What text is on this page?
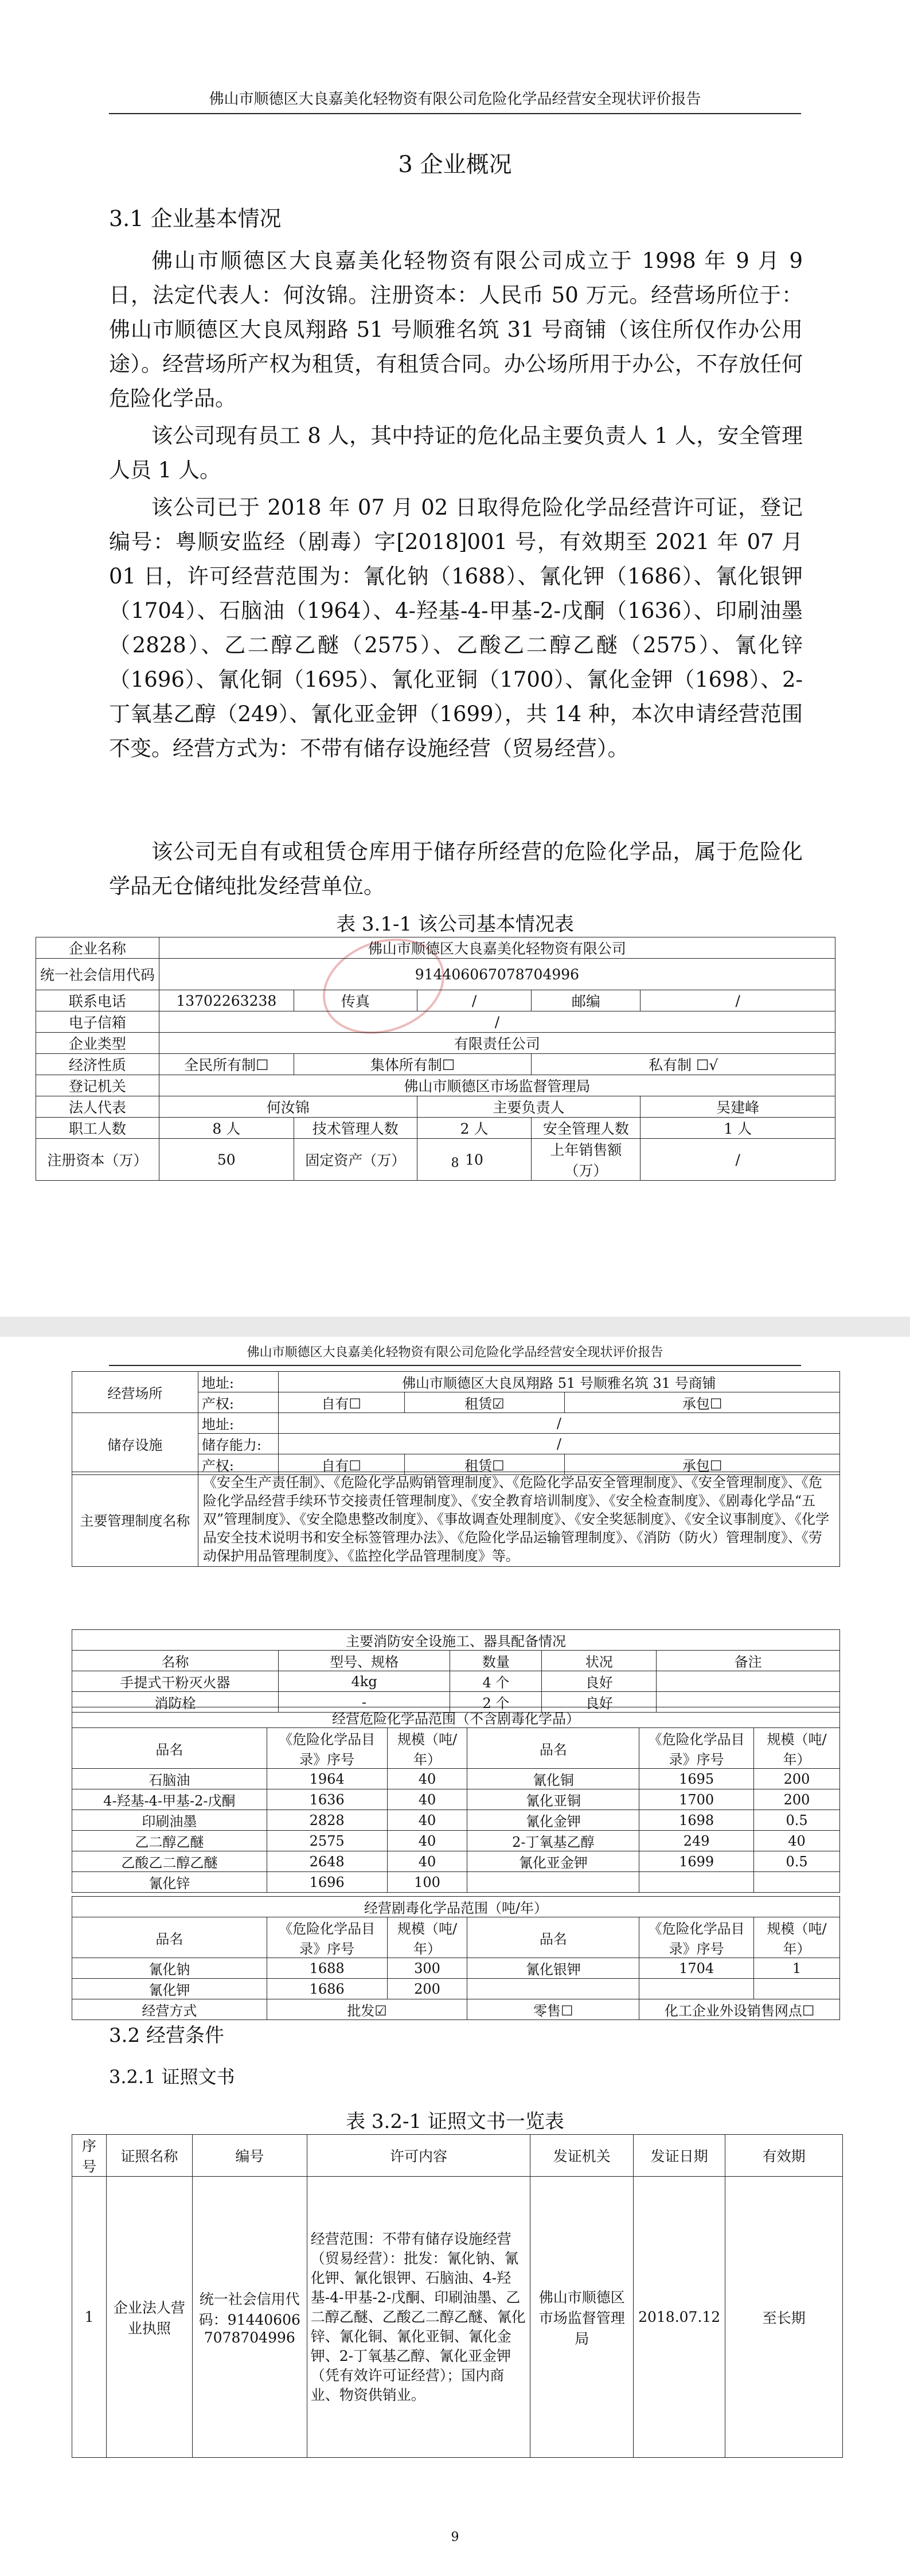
佛山市顺德区大良嘉美化轻物资有限公司危险化学品经营安全现状评价报告
3 企业概况
3.1 企业基本情况

佛山市顺德区大良嘉美化轻物资有限公司成立于 1998 年 9 月 9 日，法定代表人：何汝锦。注册资本：人民币 50 万元。经营场所位于：佛山市顺德区大良凤翔路 51 号顺雅名筑 31 号商铺（该住所仅作办公用途）。经营场所产权为租赁，有租赁合同。办公场所用于办公，不存放任何危险化学品。

该公司现有员工 8 人，其中持证的危化品主要负责人 1 人，安全管理人员 1 人。

该公司已于 2018 年 07 月 02 日取得危险化学品经营许可证，登记编号：粤顺安监经（剧毒）字[2018]001 号，有效期至 2021 年 07 月 01 日，许可经营范围为：氰化钠（1688）、氰化钾（1686）、氰化银钾（1704）、石脑油（1964）、4-羟基-4-甲基-2-戊酮（1636）、印刷油墨（2828）、乙二醇乙醚（2575）、乙酸乙二醇乙醚（2575）、氰化锌（1696）、氰化铜（1695）、氰化亚铜（1700）、氰化金钾（1698）、2-丁氧基乙醇（249）、氰化亚金钾（1699），共 14 种，本次申请经营范围不变。经营方式为：不带有储存设施经营（贸易经营）。

该公司无自有或租赁仓库用于储存所经营的危险化学品，属于危险化学品无仓储纯批发经营单位。

表 3.1-1 该公司基本情况表
企业名称	佛山市顺德区大良嘉美化轻物资有限公司				
统一社会信用代码	914406067078704996				
联系电话	13702263238	传真	/	邮编	/
电子信箱	/				
企业类型	有限责任公司				
经济性质	全民所有制☐	集体所有制☐		私有制 ☐√	
登记机关	佛山市顺德区市场监督管理局				
法人代表	何汝锦		主要负责人		吴建峰
职工人数	8 人	技术管理人数	2 人	安全管理人数	1 人
注册资本（万）	50	固定资产（万）	10	上年销售额（万）	/
8
佛山市顺德区大良嘉美化轻物资有限公司危险化学品经营安全现状评价报告
经营场所	地址:	佛山市顺德区大良凤翔路 51 号顺雅名筑 31 号商铺		
	产权:	自有☐	租赁☑	承包☐
储存设施	地址:	/		
	储存能力:	/		
	产权:	自有☐	租赁☐	承包☐
主要管理制度名称	《安全生产责任制》、《危险化学品购销管理制度》、《危险化学品安全管理制度》、《安全管理制度》、《危险化学品经营手续环节交接责任管理制度》、《安全教育培训制度》、《安全检查制度》、《剧毒化学品“五双”管理制度》、《安全隐患整改制度》、《事故调查处理制度》、《安全奖惩制度》、《安全议事制度》、《化学品安全技术说明书和安全标签管理办法》、《危险化学品运输管理制度》、《消防（防火）管理制度》、《劳动保护用品管理制度》、《监控化学品管理制度》等。
主要消防安全设施工、器具配备情况				
名称	型号、规格	数量	状况	备注
手提式干粉灭火器	4kg	4 个	良好	
消防栓	-	2 个	良好	
经营危险化学品范围（不含剧毒化学品）					
品名	《危险化学品目录》序号	规模（吨/年）	品名	《危险化学品目录》序号	规模（吨/年）
石脑油	1964	40	氰化铜	1695	200
4-羟基-4-甲基-2-戊酮	1636	40	氰化亚铜	1700	200
印刷油墨	2828	40	氰化金钾	1698	0.5
乙二醇乙醚	2575	40	2-丁氧基乙醇	249	40
乙酸乙二醇乙醚	2648	40	氰化亚金钾	1699	0.5
氰化锌	1696	100			
经营剧毒化学品范围（吨/年）					
品名	《危险化学品目录》序号	规模（吨/年）	品名	《危险化学品目录》序号	规模（吨/年）
氰化钠	1688	300	氰化银钾	1704	1
氰化钾	1686	200			
经营方式	批发☑		零售☐	化工企业外设销售网点☐	
3.2 经营条件
3.2.1 证照文书
表 3.2-1 证照文书一览表
序号	证照名称	编号	许可内容	发证机关	发证日期	有效期
1	企业法人营业执照	统一社会信用代码：914406067078704996	经营范围：不带有储存设施经营（贸易经营）：批发：氰化钠、氰化钾、氰化银钾、石脑油、4-羟基-4-甲基-2-戊酮、印刷油墨、乙二醇乙醚、乙酸乙二醇乙醚、氰化锌、氰化铜、氰化亚铜、氰化金钾、2-丁氧基乙醇、氰化亚金钾（凭有效许可证经营）；国内商业、物资供销业。	佛山市顺德区市场监督管理局	2018.07.12	至长期
9
